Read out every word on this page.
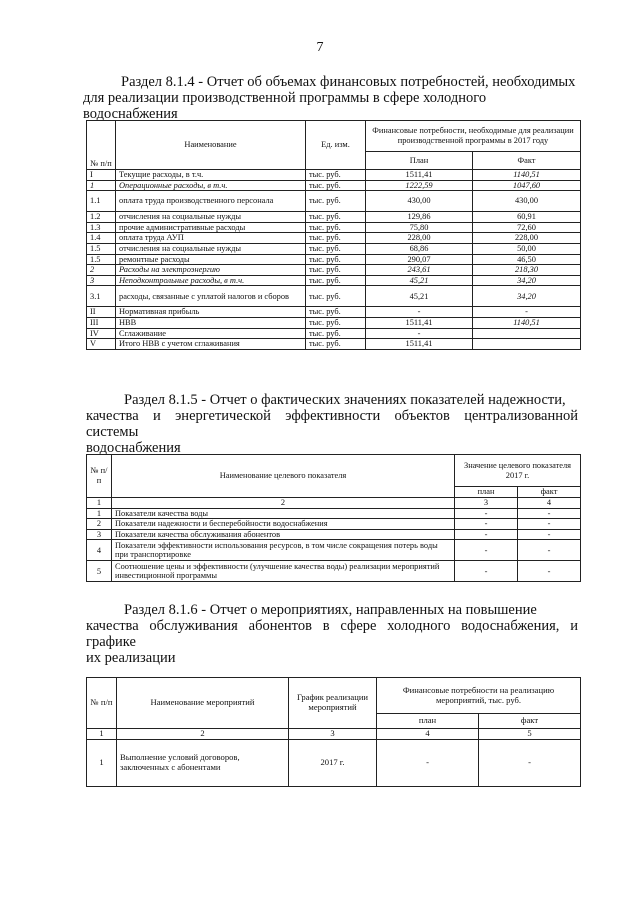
7
Раздел 8.1.4 - Отчет об объемах финансовых потребностей, необходимых
для реализации производственной программы в сфере холодного водоснабжения
№ п/п	Наименование	Ед. изм.	Финансовые потребности, необходимые для реализации производственной программы в 2017 году	
			План	Факт
I	Текущие расходы, в т.ч.	тыс. руб.	1511,41	1140,51
1	Операционные расходы, в т.ч.	тыс. руб.	1222,59	1047,60
1.1	оплата труда производственного персонала	тыс. руб.	430,00	430,00
1.2	отчисления на социальные нужды	тыс. руб.	129,86	60,91
1.3	прочие административные расходы	тыс. руб.	75,80	72,60
1.4	оплата труда АУП	тыс. руб.	228,00	228,00
1.5	отчисления на социальные нужды	тыс. руб.	68,86	50,00
1.5	ремонтные расходы	тыс. руб.	290,07	46,50
2	Расходы на электроэнергию	тыс. руб.	243,61	218,30
3	Неподконтрольные расходы, в т.ч.	тыс. руб.	45,21	34,20
3.1	расходы, связанные с уплатой налогов и сборов	тыс. руб.	45,21	34,20
II	Нормативная прибыль	тыс. руб.	-	-
III	НВВ	тыс. руб.	1511,41	1140,51
IV	Сглаживание	тыс. руб.	-	
V	Итого НВВ с учетом сглаживания	тыс. руб.	1511,41	
Раздел 8.1.5 - Отчет о фактических значениях показателей надежности,
качества и энергетической эффективности объектов централизованной системы
водоснабжения
№ п/п	Наименование целевого показателя	Значение целевого показателя 2017 г.	
		план	факт
1	2	3	4
1	Показатели качества воды	-	-
2	Показатели надежности и бесперебойности водоснабжения	-	-
3	Показатели качества обслуживания абонентов	-	-
4	Показатели эффективности использования ресурсов, в том числе сокращения потерь воды при транспортировке	-	-
5	Соотношение цены и эффективности (улучшение качества воды) реализации мероприятий инвестиционной программы	-	-
Раздел 8.1.6 - Отчет о мероприятиях, направленных на повышение
качества обслуживания абонентов в сфере холодного водоснабжения, и графике
их реализации
№ п/п	Наименование мероприятий	График реализации мероприятий	Финансовые потребности на реализацию мероприятий, тыс. руб.	
			план	факт
1	2	3	4	5
1	Выполнение условий договоров, заключенных с абонентами	2017 г.	-	-
